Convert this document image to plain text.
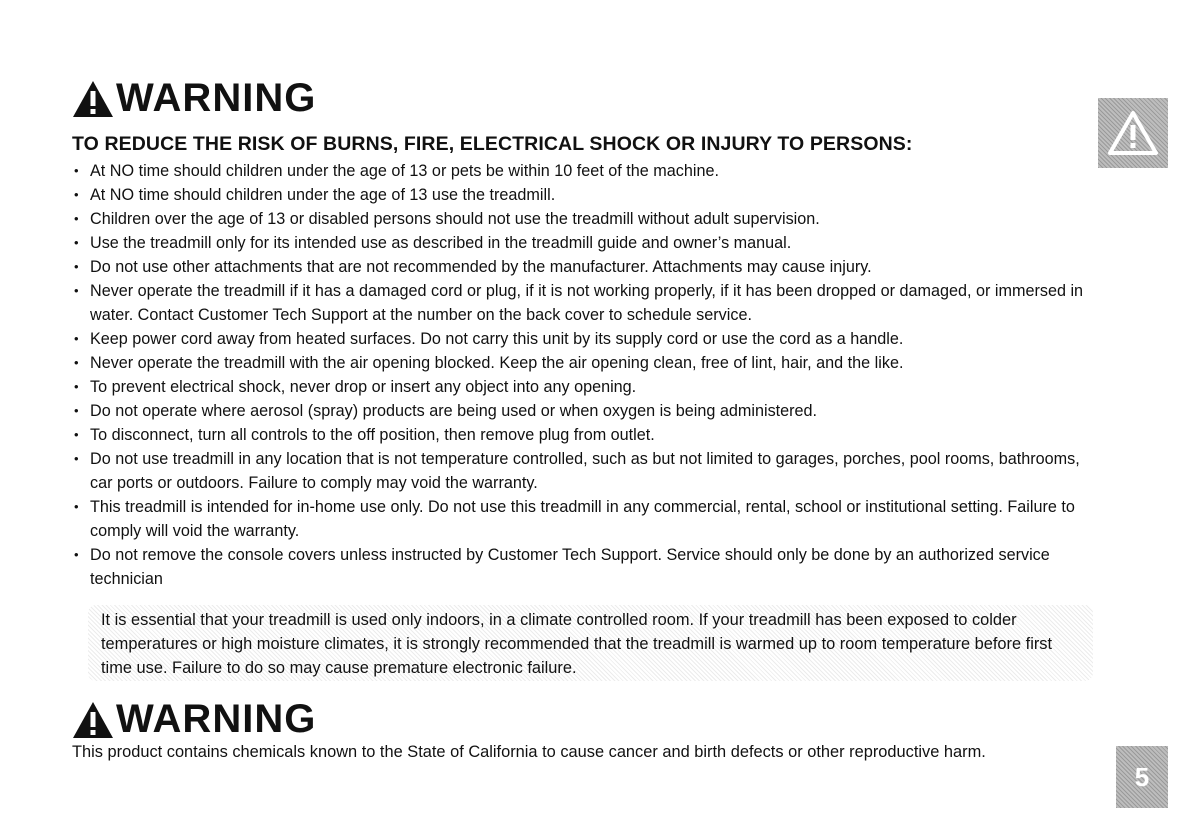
WARNING
TO REDUCE THE RISK OF BURNS, FIRE, ELECTRICAL SHOCK OR INJURY TO PERSONS:
• At NO time should children under the age of 13 or pets be within 10 feet of the machine.
• At NO time should children under the age of 13 use the treadmill.
• Children over the age of 13 or disabled persons should not use the treadmill without adult supervision.
• Use the treadmill only for its intended use as described in the treadmill guide and owner’s manual.
• Do not use other attachments that are not recommended by the manufacturer. Attachments may cause injury.
• Never operate the treadmill if it has a damaged cord or plug, if it is not working properly, if it has been dropped or damaged, or immersed in water. Contact Customer Tech Support at the number on the back cover to schedule service.
• Keep power cord away from heated surfaces. Do not carry this unit by its supply cord or use the cord as a handle.
• Never operate the treadmill with the air opening blocked. Keep the air opening clean, free of lint, hair, and the like.
• To prevent electrical shock, never drop or insert any object into any opening.
• Do not operate where aerosol (spray) products are being used or when oxygen is being administered.
• To disconnect, turn all controls to the off position, then remove plug from outlet.
• Do not use treadmill in any location that is not temperature controlled, such as but not limited to garages, porches, pool rooms, bathrooms, car ports or outdoors. Failure to comply may void the warranty.
• This treadmill is intended for in-home use only. Do not use this treadmill in any commercial, rental, school or institutional setting. Failure to comply will void the warranty.
• Do not remove the console covers unless instructed by Customer Tech Support. Service should only be done by an authorized service technician

It is essential that your treadmill is used only indoors, in a climate controlled room. If your treadmill has been exposed to colder temperatures or high moisture climates, it is strongly recommended that the treadmill is warmed up to room temperature before first time use. Failure to do so may cause premature electronic failure.

WARNING
This product contains chemicals known to the State of California to cause cancer and birth defects or other reproductive harm.
5
